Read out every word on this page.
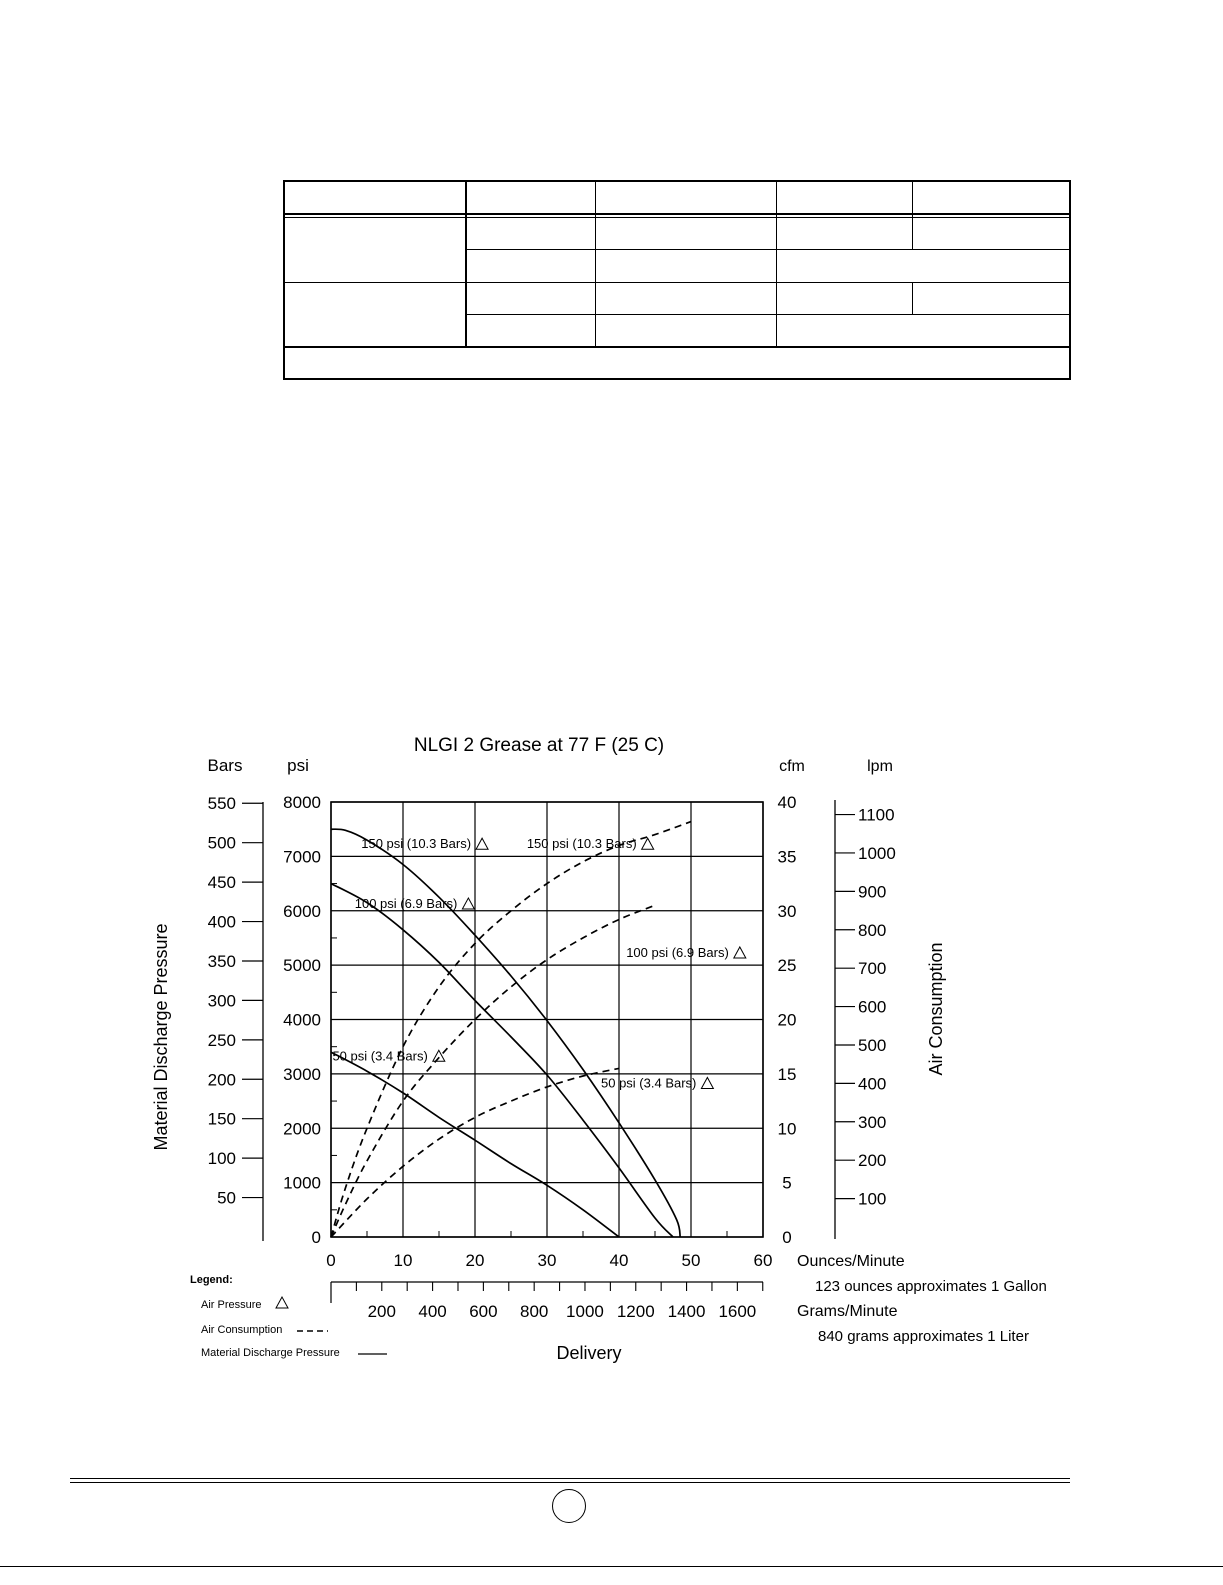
NLGI 2 Grease at 77 F (25 C)
Bars	psi	cfm	lpm
Material Discharge Pressure	Air Consumption
0
1000
2000
3000
4000
5000
6000
7000
8000
50
100
150
200
250
300
350
400
450
500
550
0
5
10
15
20
25
30
35
40
100
200
300
400
500
600
700
800
900
1000
1100
0	10	20	30	40	50	60
200 400 600 800 1000 1200 1400 1600
150 psi (10.3 Bars)	150 psi (10.3 Bars)
100 psi (6.9 Bars)
100 psi (6.9 Bars)
50 psi (3.4 Bars)
50 psi (3.4 Bars)
Ounces/Minute
123 ounces approximates 1 Gallon
Grams/Minute
840 grams approximates 1 Liter
Delivery
Legend:
Air Pressure
Air Consumption
Material Discharge Pressure
